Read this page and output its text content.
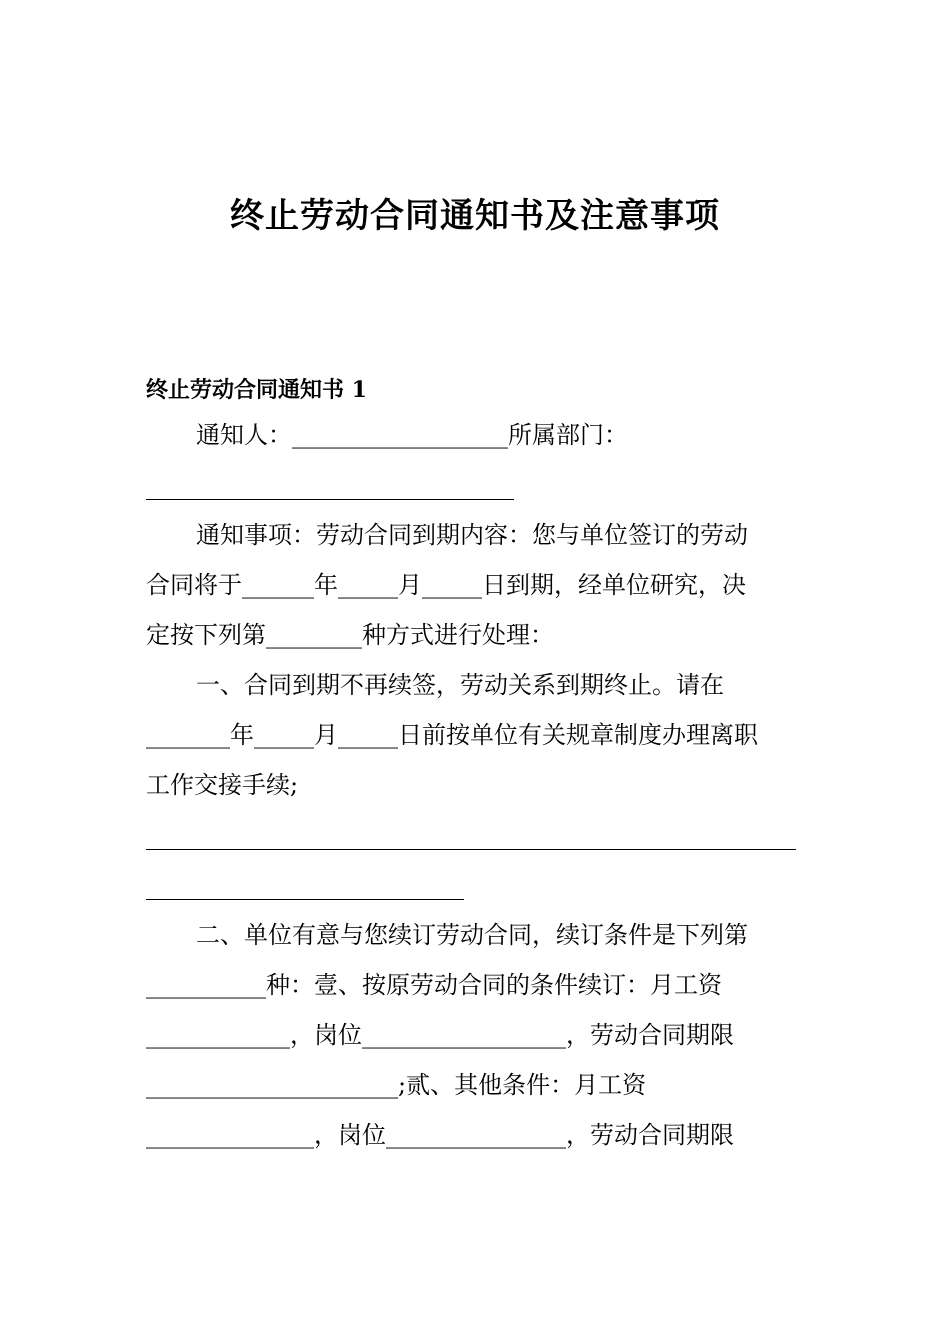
终止劳动合同通知书及注意事项

终止劳动合同通知书 1

通知人：__________________所属部门：
通知事项：劳动合同到期内容：您与单位签订的劳动
合同将于______年_____月_____日到期，经单位研究，决
定按下列第________种方式进行处理：
一、合同到期不再续签，劳动关系到期终止。请在
_______年_____月_____日前按单位有关规章制度办理离职
工作交接手续;
二、单位有意与您续订劳动合同，续订条件是下列第
__________种：壹、按原劳动合同的条件续订：月工资
____________，岗位_________________，劳动合同期限
_____________________;贰、其他条件：月工资
______________，岗位_______________，劳动合同期限
